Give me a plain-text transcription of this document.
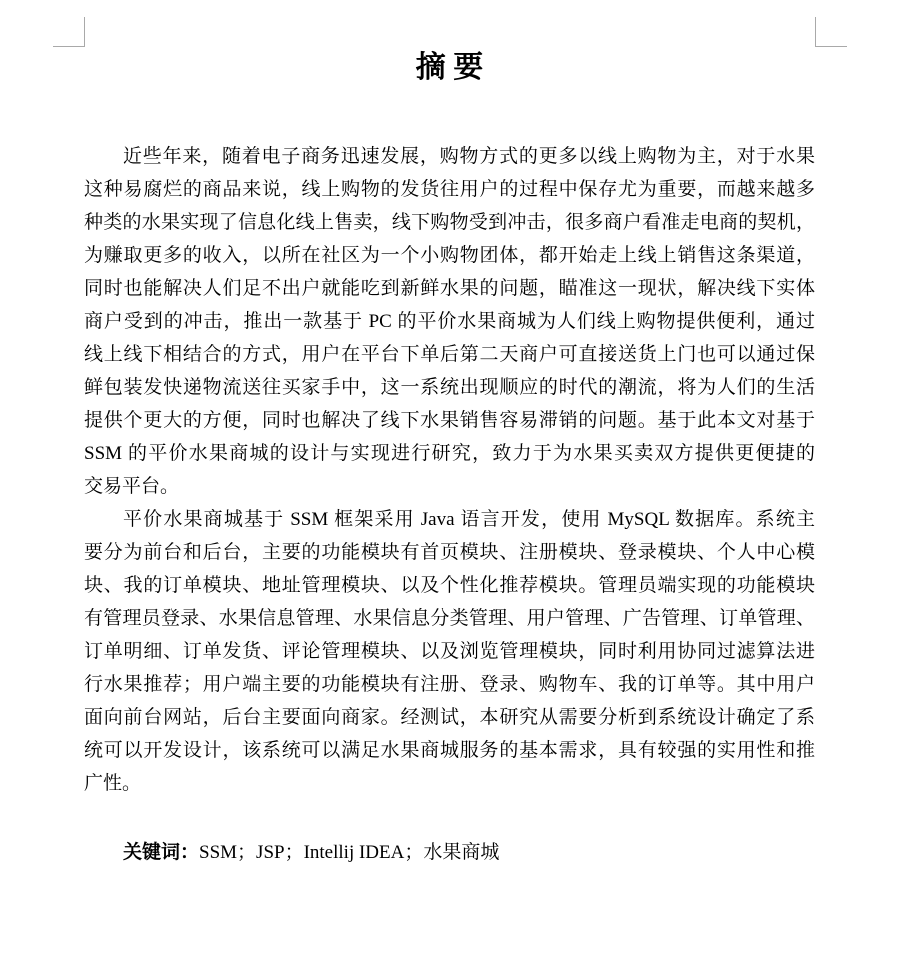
摘 要
近些年来，随着电子商务迅速发展，购物方式的更多以线上购物为主，对于水果
这种易腐烂的商品来说，线上购物的发货往用户的过程中保存尤为重要，而越来越多
种类的水果实现了信息化线上售卖，线下购物受到冲击，很多商户看准走电商的契机，
为赚取更多的收入，以所在社区为一个小购物团体，都开始走上线上销售这条渠道，
同时也能解决人们足不出户就能吃到新鲜水果的问题，瞄准这一现状，解决线下实体
商户受到的冲击，推出一款基于 PC 的平价水果商城为人们线上购物提供便利，通过
线上线下相结合的方式，用户在平台下单后第二天商户可直接送货上门也可以通过保
鲜包装发快递物流送往买家手中，这一系统出现顺应的时代的潮流，将为人们的生活
提供个更大的方便，同时也解决了线下水果销售容易滞销的问题。基于此本文对基于
SSM 的平价水果商城的设计与实现进行研究，致力于为水果买卖双方提供更便捷的
交易平台。
平价水果商城基于 SSM 框架采用 Java 语言开发，使用 MySQL 数据库。系统主
要分为前台和后台，主要的功能模块有首页模块、注册模块、登录模块、个人中心模
块、我的订单模块、地址管理模块、以及个性化推荐模块。管理员端实现的功能模块
有管理员登录、水果信息管理、水果信息分类管理、用户管理、广告管理、订单管理、
订单明细、订单发货、评论管理模块、以及浏览管理模块，同时利用协同过滤算法进
行水果推荐；用户端主要的功能模块有注册、登录、购物车、我的订单等。其中用户
面向前台网站，后台主要面向商家。经测试，本研究从需要分析到系统设计确定了系
统可以开发设计，该系统可以满足水果商城服务的基本需求，具有较强的实用性和推
广性。
关键词：SSM；JSP；Intellij IDEA；水果商城
